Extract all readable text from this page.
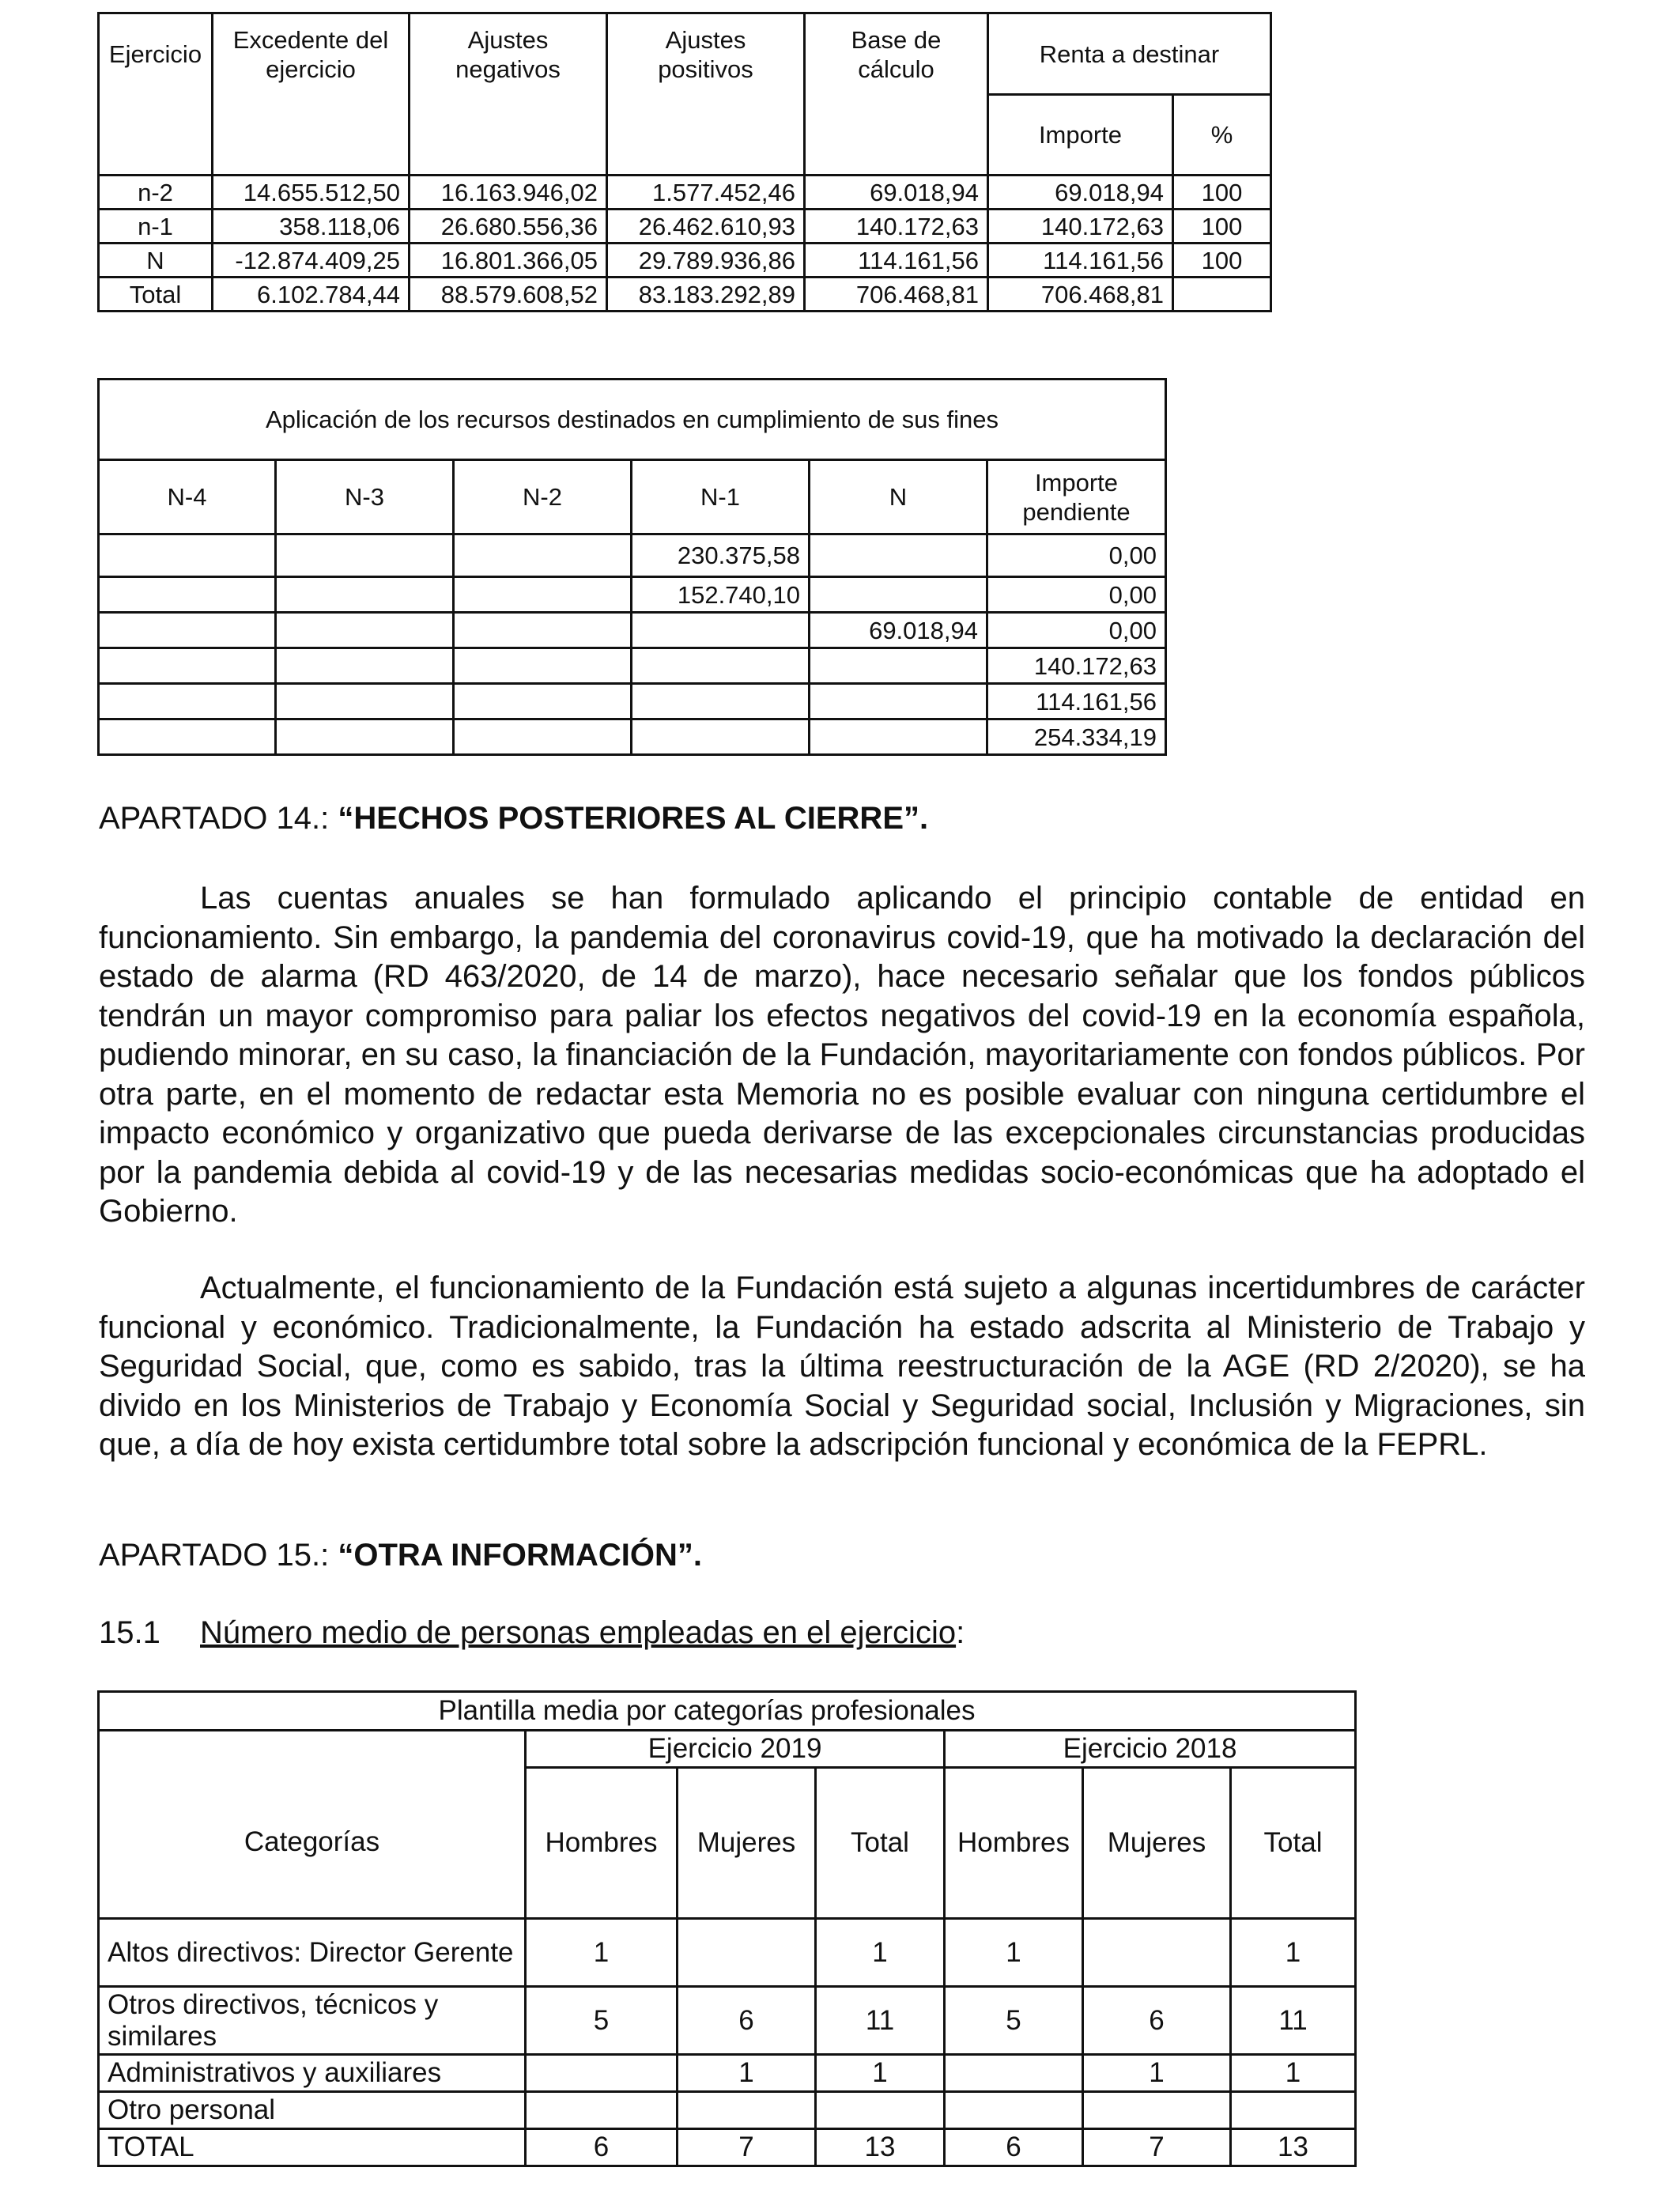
Ejercicio	Excedente del ejercicio	Ajustes negativos	Ajustes positivos	Base de cálculo	Renta a destinar	
					Importe	%
n-2	14.655.512,50	16.163.946,02	1.577.452,46	69.018,94	69.018,94	100
n-1	358.118,06	26.680.556,36	26.462.610,93	140.172,63	140.172,63	100
N	-12.874.409,25	16.801.366,05	29.789.936,86	114.161,56	114.161,56	100
Total	6.102.784,44	88.579.608,52	83.183.292,89	706.468,81	706.468,81	
Aplicación de los recursos destinados en cumplimiento de sus fines					
N-4	N-3	N-2	N-1	N	Importe pendiente
			230.375,58		0,00
			152.740,10		0,00
				69.018,94	0,00
					140.172,63
					114.161,56
					254.334,19
APARTADO 14.: “HECHOS POSTERIORES AL CIERRE”.
Las cuentas anuales se han formulado aplicando el principio contable de entidad en funcionamiento. Sin embargo, la pandemia del coronavirus covid-19, que ha motivado la declaración del estado de alarma (RD 463/2020, de 14 de marzo), hace necesario señalar que los fondos públicos tendrán un mayor compromiso para paliar los efectos negativos del covid-19 en la economía española, pudiendo minorar, en su caso, la financiación de la Fundación, mayoritariamente con fondos públicos. Por otra parte, en el momento de redactar esta Memoria no es posible evaluar con ninguna certidumbre el impacto económico y organizativo que pueda derivarse de las excepcionales circunstancias producidas por la pandemia debida al covid-19 y de las necesarias medidas socio-económicas que ha adoptado el Gobierno.
Actualmente, el funcionamiento de la Fundación está sujeto a algunas incertidumbres de carácter funcional y económico. Tradicionalmente, la Fundación ha estado adscrita al Ministerio de Trabajo y Seguridad Social, que, como es sabido, tras la última reestructuración de la AGE (RD 2/2020), se ha divido en los Ministerios de Trabajo y Economía Social y Seguridad social, Inclusión y Migraciones, sin que, a día de hoy exista certidumbre total sobre la adscripción funcional y económica de la FEPRL.
APARTADO 15.: “OTRA INFORMACIÓN”.
15.1 Número medio de personas empleadas en el ejercicio:
	Plantilla media por categorías profesionales					
	Ejercicio 2019			Ejercicio 2018		
Categorías	Hombres	Mujeres	Total	Hombres	Mujeres	Total
Altos directivos: Director Gerente	1		1	1		1
Otros directivos, técnicos y similares	5	6	11	5	6	11
Administrativos y auxiliares		1	1		1	1
Otro personal						
TOTAL	6	7	13	6	7	13
